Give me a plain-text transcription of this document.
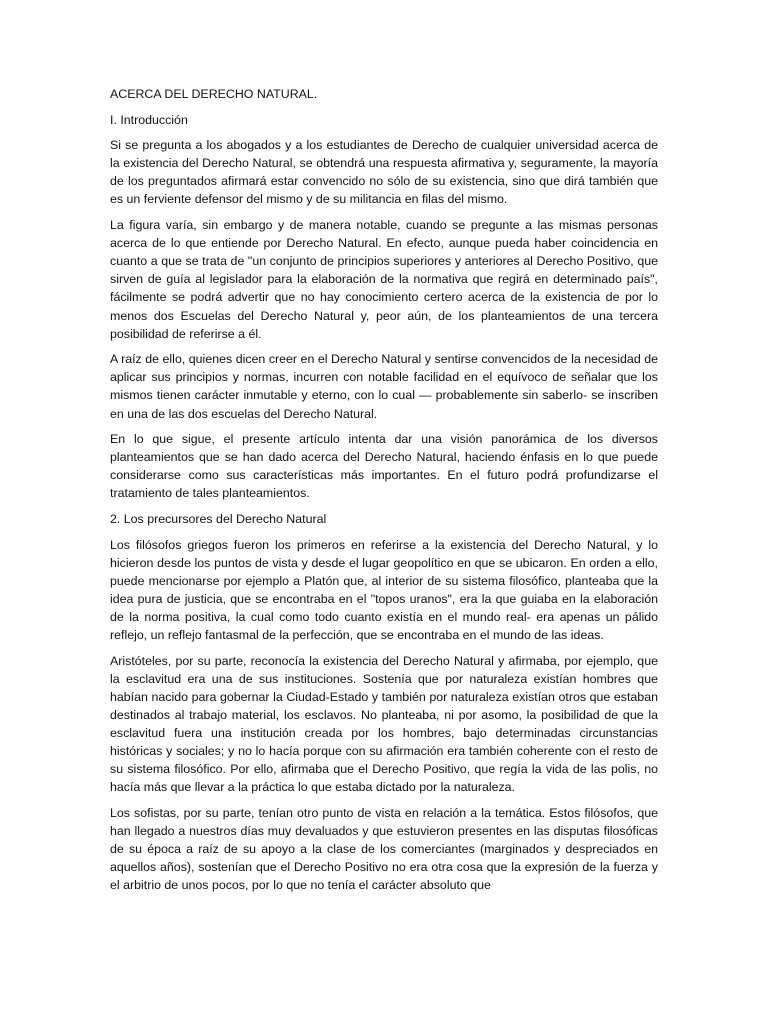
ACERCA DEL DERECHO NATURAL.

I. Introducción

Si se pregunta a los abogados y a los estudiantes de Derecho de cualquier universidad acerca de la existencia del Derecho Natural, se obtendrá una respuesta afirmativa y, seguramente, la mayoría de los preguntados afirmará estar convencido no sólo de su existencia, sino que dirá también que es un ferviente defensor del mismo y de su militancia en filas del mismo.

La figura varía, sin embargo y de manera notable, cuando se pregunte a las mismas personas acerca de lo que entiende por Derecho Natural. En efecto, aunque pueda haber coincidencia en cuanto a que se trata de "un conjunto de principios superiores y anteriores al Derecho Positivo, que sirven de guía al legislador para la elaboración de la normativa que regirá en determinado país", fácilmente se podrá advertir que no hay conocimiento certero acerca de la existencia de por lo menos dos Escuelas del Derecho Natural y, peor aún, de los planteamientos de una tercera posibilidad de referirse a él.

A raíz de ello, quienes dicen creer en el Derecho Natural y sentirse convencidos de la necesidad de aplicar sus principios y normas, incurren con notable facilidad en el equívoco de señalar que los mismos tienen carácter inmutable y eterno, con lo cual — probablemente sin saberlo- se inscriben en una de las dos escuelas del Derecho Natural.

En lo que sigue, el presente artículo intenta dar una visión panorámica de los diversos planteamientos que se han dado acerca del Derecho Natural, haciendo énfasis en lo que puede considerarse como sus características más importantes. En el futuro podrá profundizarse el tratamiento de tales planteamientos.

2. Los precursores del Derecho Natural

Los filósofos griegos fueron los primeros en referirse a la existencia del Derecho Natural, y lo hicieron desde los puntos de vista y desde el lugar geopolítico en que se ubicaron. En orden a ello, puede mencionarse por ejemplo a Platón que, al interior de su sistema filosófico, planteaba que la idea pura de justicia, que se encontraba en el "topos uranos", era la que guiaba en la elaboración de la norma positiva, la cual como todo cuanto existía en el mundo real- era apenas un pálido reflejo, un reflejo fantasmal de la perfección, que se encontraba en el mundo de las ideas.

Aristóteles, por su parte, reconocía la existencia del Derecho Natural y afirmaba, por ejemplo, que la esclavitud era una de sus instituciones. Sostenía que por naturaleza existían hombres que habían nacido para gobernar la Ciudad-Estado y también por naturaleza existían otros que estaban destinados al trabajo material, los esclavos. No planteaba, ni por asomo, la posibilidad de que la esclavitud fuera una institución creada por los hombres, bajo determinadas circunstancias históricas y sociales; y no lo hacía porque con su afirmación era también coherente con el resto de su sistema filosófico. Por ello, afirmaba que el Derecho Positivo, que regía la vida de las polis, no hacía más que llevar a la práctica lo que estaba dictado por la naturaleza.

Los sofistas, por su parte, tenían otro punto de vista en relación a la temática. Estos filósofos, que han llegado a nuestros días muy devaluados y que estuvieron presentes en las disputas filosóficas de su época a raíz de su apoyo a la clase de los comerciantes (marginados y despreciados en aquellos años), sostenían que el Derecho Positivo no era otra cosa que la expresión de la fuerza y el arbitrio de unos pocos, por lo que no tenía el carácter absoluto que
